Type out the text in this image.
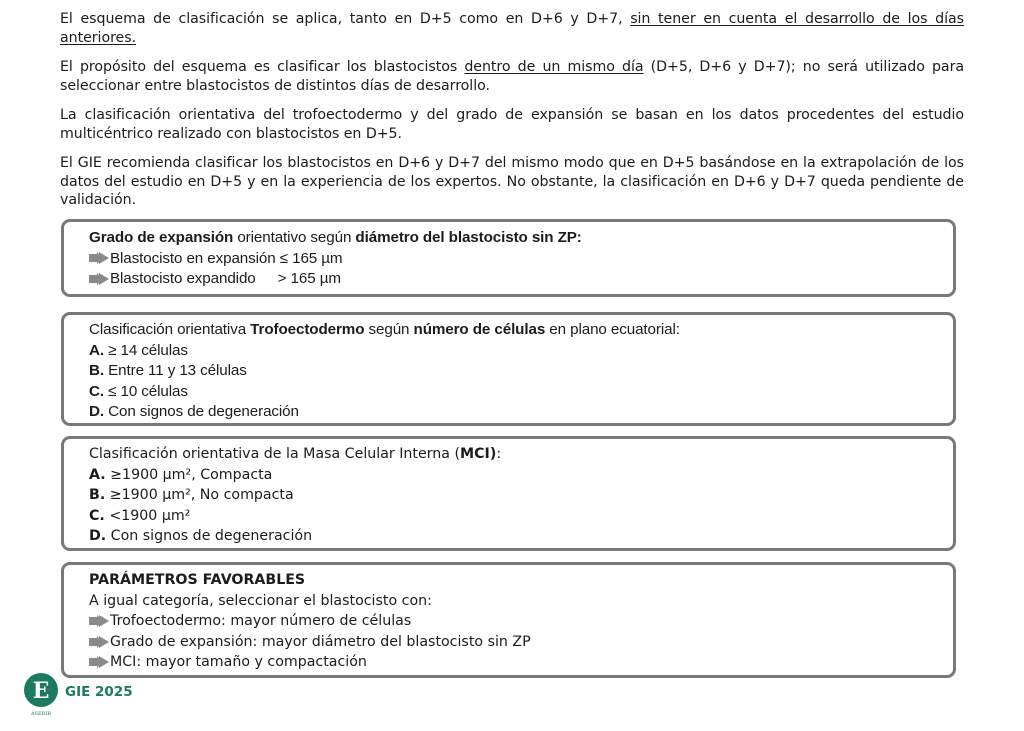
El esquema de clasificación se aplica, tanto en D+5 como en D+6 y D+7, sin tener en cuenta el desarrollo de los días anteriores.

El propósito del esquema es clasificar los blastocistos dentro de un mismo día (D+5, D+6 y D+7); no será utilizado para seleccionar entre blastocistos de distintos días de desarrollo.

La clasificación orientativa del trofoectodermo y del grado de expansión se basan en los datos procedentes del estudio multicéntrico realizado con blastocistos en D+5.

El GIE recomienda clasificar los blastocistos en D+6 y D+7 del mismo modo que en D+5 basándose en la extrapolación de los datos del estudio en D+5 y en la experiencia de los expertos. No obstante, la clasificación en D+6 y D+7 queda pendiente de validación.

Grado de expansión orientativo según diámetro del blastocisto sin ZP:
Blastocisto en expansión ≤ 165 µm
Blastocisto expandido > 165 µm
Clasificación orientativa Trofoectodermo según número de células en plano ecuatorial:
A. ≥ 14 células
B. Entre 11 y 13 células
C. ≤ 10 células
D. Con signos de degeneración
Clasificación orientativa de la Masa Celular Interna (MCI):
A. ≥1900 µm², Compacta
B. ≥1900 µm², No compacta
C. <1900 µm²
D. Con signos de degeneración
PARÁMETROS FAVORABLES
A igual categoría, seleccionar el blastocisto con:
Trofoectodermo: mayor número de células
Grado de expansión: mayor diámetro del blastocisto sin ZP
MCI: mayor tamaño y compactación
E
ASEBIR
GIE 2025
